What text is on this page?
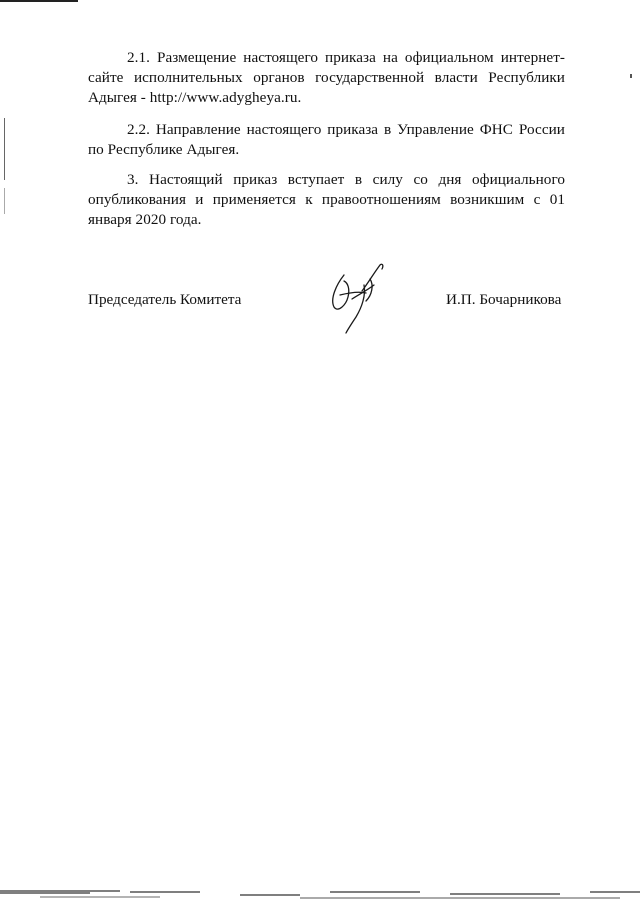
2.1. Размещение настоящего приказа на официальном интернет-сайте исполнительных органов государственной власти Республики Адыгея - http://www.adygheya.ru.

2.2. Направление настоящего приказа в Управление ФНС России по Республике Адыгея.

3. Настоящий приказ вступает в силу со дня официального опубликования и применяется к правоотношениям возникшим с 01 января 2020 года.

Председатель Комитета	И.П. Бочарникова
